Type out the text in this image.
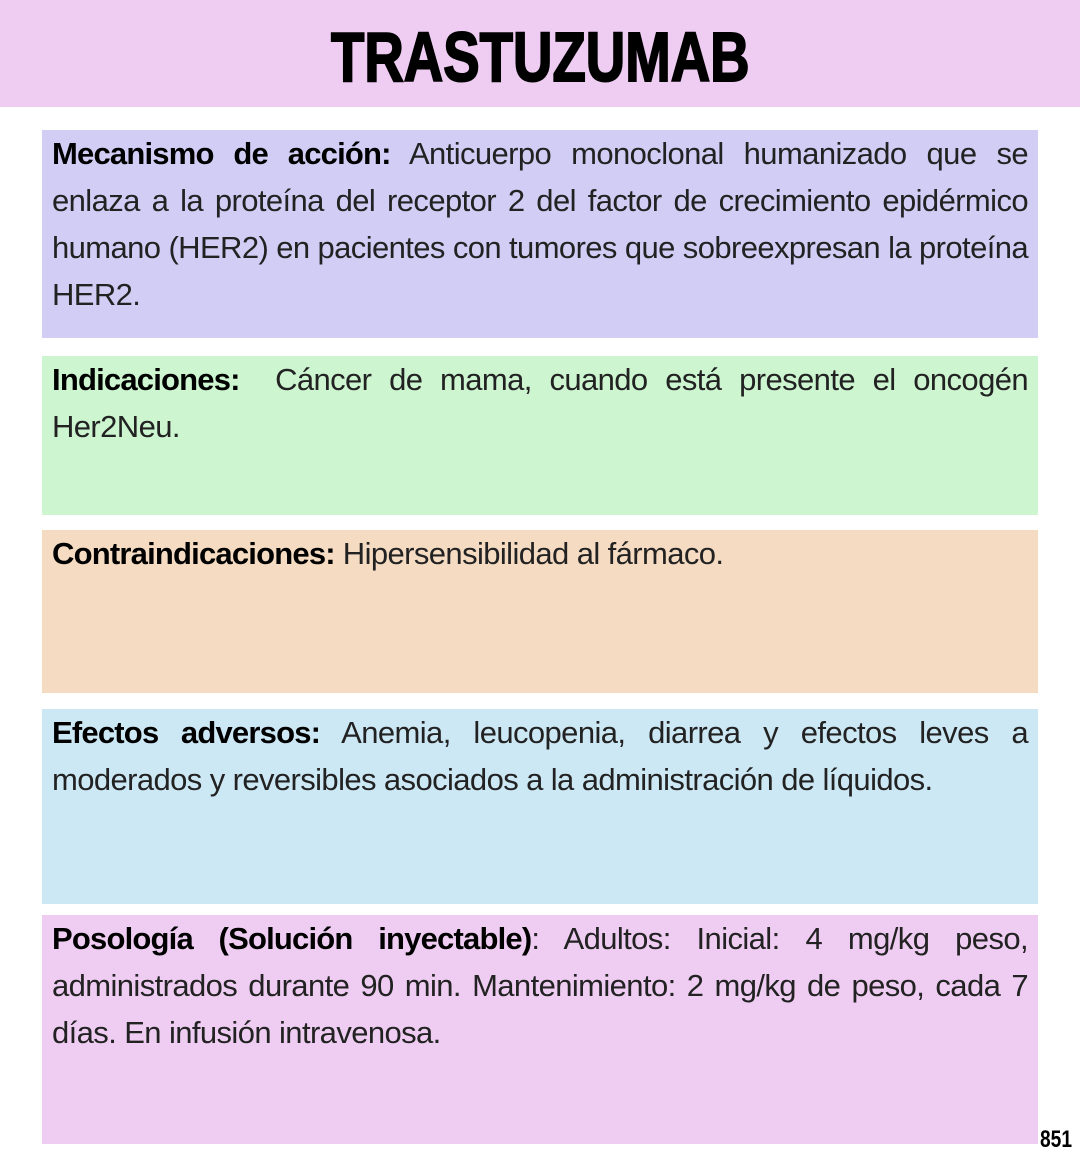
TRASTUZUMAB

Mecanismo de acción: Anticuerpo monoclonal humanizado que se enlaza a la proteína del receptor 2 del factor de crecimiento epidérmico humano (HER2) en pacientes con tumores que sobreexpresan la proteína HER2.

Indicaciones:  Cáncer de mama, cuando está presente el oncogén Her2Neu.

Contraindicaciones: Hipersensibilidad al fármaco.

Efectos adversos: Anemia, leucopenia, diarrea y efectos leves a moderados y reversibles asociados a la administración de líquidos.

Posología (Solución inyectable): Adultos: Inicial: 4 mg/kg peso, administrados durante 90 min. Mantenimiento: 2 mg/kg de peso, cada 7 días. En infusión intravenosa.

851
